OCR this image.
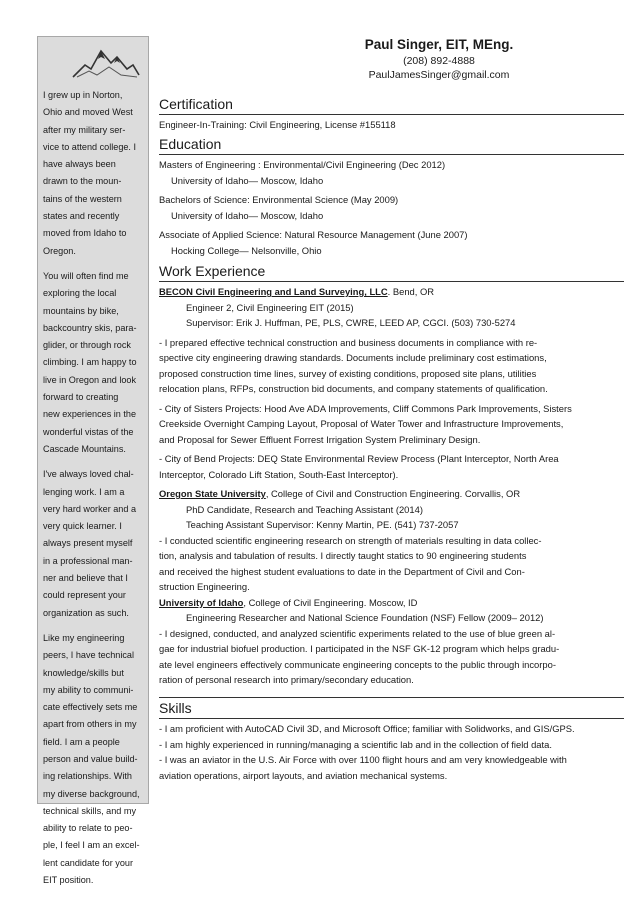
I grew up in Norton,
Ohio and moved West
after my military ser-
vice to attend college. I
have always been
drawn to the moun-
tains of the western
states and recently
moved from Idaho to
Oregon.

You will often find me
exploring the local
mountains by bike,
backcountry skis, para-
glider, or through rock
climbing. I am happy to
live in Oregon and look
forward to creating
new experiences in the
wonderful vistas of the
Cascade Mountains.

I've always loved chal-
lenging work. I am a
very hard worker and a
very quick learner. I
always present myself
in a professional man-
ner and believe that I
could represent your
organization as such.

Like my engineering
peers, I have technical
knowledge/skills but
my ability to communi-
cate effectively sets me
apart from others in my
field. I am a people
person and value build-
ing relationships. With
my diverse background,
technical skills, and my
ability to relate to peo-
ple, I feel I am an excel-
lent candidate for your
EIT position.

Paul Singer, EIT, MEng.
(208) 892-4888
PaulJamesSinger@gmail.com
Certification
Engineer-In-Training: Civil Engineering, License #155118
Education
Masters of Engineering : Environmental/Civil Engineering (Dec 2012)
University of Idaho— Moscow, Idaho
Bachelors of Science: Environmental Science (May 2009)
University of Idaho— Moscow, Idaho
Associate of Applied Science: Natural Resource Management (June 2007)
Hocking College— Nelsonville, Ohio
Work Experience
BECON Civil Engineering and Land Surveying, LLC. Bend, OR
Engineer 2, Civil Engineering EIT (2015)
Supervisor: Erik J. Huffman, PE, PLS, CWRE, LEED AP, CGCI. (503) 730-5274
- I prepared effective technical construction and business documents in compliance with re-
spective city engineering drawing standards. Documents include preliminary cost estimations,
proposed construction time lines, survey of existing conditions, proposed site plans, utilities
relocation plans, RFPs, construction bid documents, and company statements of qualification.
- City of Sisters Projects: Hood Ave ADA Improvements, Cliff Commons Park Improvements, Sisters
Creekside Overnight Camping Layout, Proposal of Water Tower and Infrastructure Improvements,
and Proposal for Sewer Effluent Forrest Irrigation System Preliminary Design.
- City of Bend Projects: DEQ State Environmental Review Process (Plant Interceptor, North Area
Interceptor, Colorado Lift Station, South-East Interceptor).
Oregon State University, College of Civil and Construction Engineering. Corvallis, OR
PhD Candidate, Research and Teaching Assistant (2014)
Teaching Assistant Supervisor: Kenny Martin, PE. (541) 737-2057
- I conducted scientific engineering research on strength of materials resulting in data collec-
tion, analysis and tabulation of results. I directly taught statics to 90 engineering students
and received the highest student evaluations to date in the Department of Civil and Con-
struction Engineering.
University of Idaho, College of Civil Engineering. Moscow, ID
Engineering Researcher and National Science Foundation (NSF) Fellow (2009– 2012)
- I designed, conducted, and analyzed scientific experiments related to the use of blue green al-
gae for industrial biofuel production. I participated in the NSF GK-12 program which helps gradu-
ate level engineers effectively communicate engineering concepts to the public through incorpo-
ration of personal research into primary/secondary education.
Skills
- I am proficient with AutoCAD Civil 3D, and Microsoft Office; familiar with Solidworks, and GIS/GPS.
- I am highly experienced in running/managing a scientific lab and in the collection of field data.
- I was an aviator in the U.S. Air Force with over 1100 flight hours and am very knowledgeable with
aviation operations, airport layouts, and aviation mechanical systems.
